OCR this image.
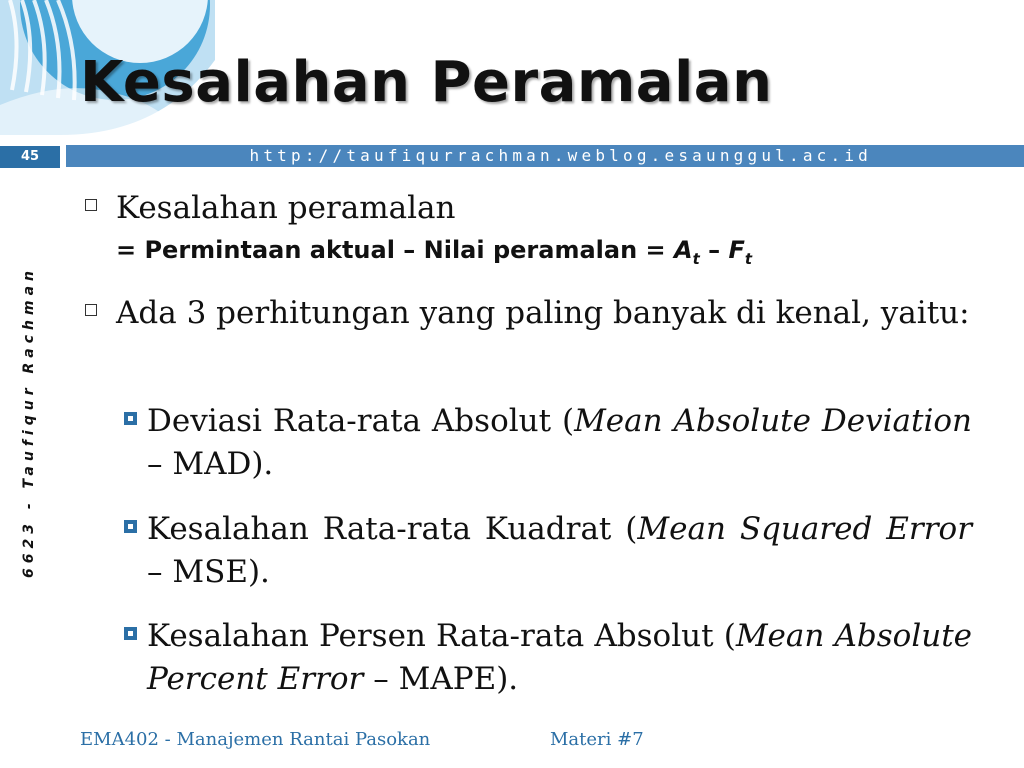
Kesalahan Peramalan
45	http://taufiqurrachman.weblog.esaunggul.ac.id
6623 - Taufiqur Rachman
Kesalahan peramalan
= Permintaan aktual – Nilai peramalan = $A_t - F_t$
Ada 3 perhitungan yang paling banyak di kenal, yaitu:
Deviasi Rata-rata Absolut (Mean Absolute Deviation – MAD).
Kesalahan Rata-rata Kuadrat (Mean Squared Error – MSE).
Kesalahan Persen Rata-rata Absolut (Mean Absolute Percent Error – MAPE).
EMA402 - Manajemen Rantai Pasokan	Materi #7
